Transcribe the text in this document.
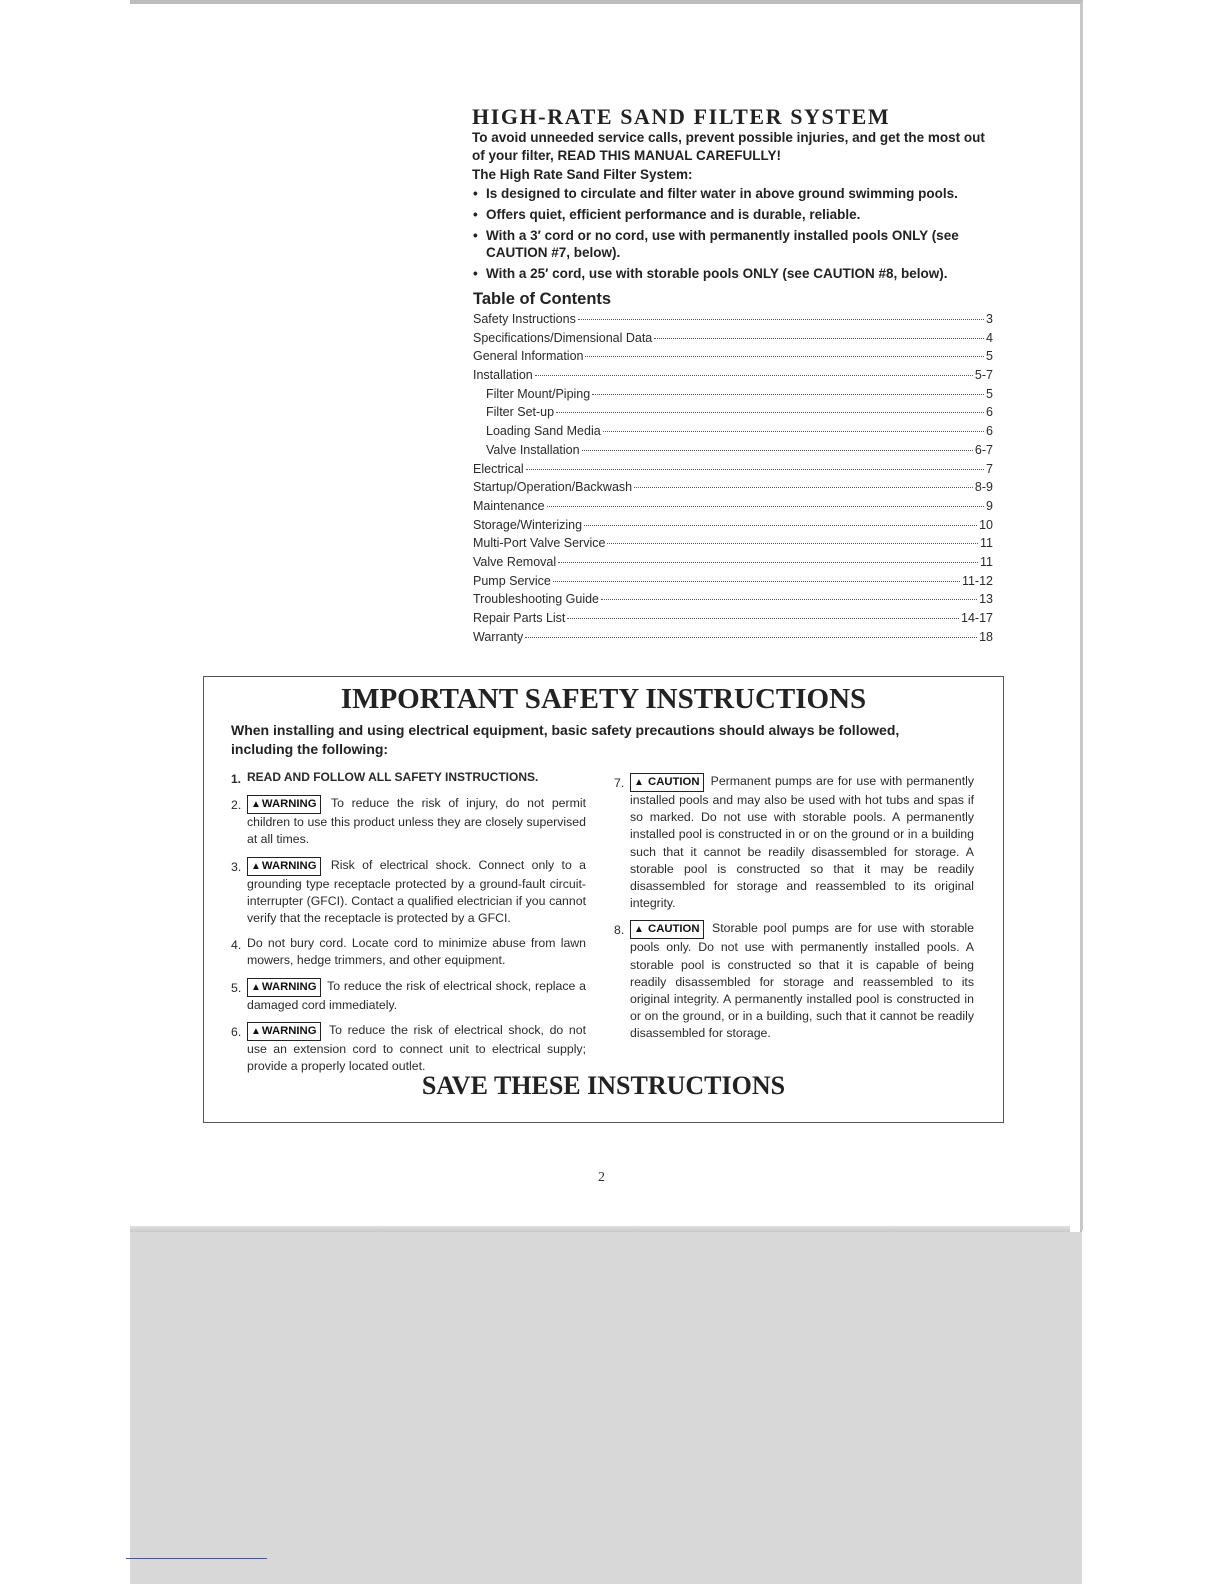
HIGH-RATE SAND FILTER SYSTEM

To avoid unneeded service calls, prevent possible injuries, and get the most out of your filter, READ THIS MANUAL CAREFULLY!

The High Rate Sand Filter System:

• Is designed to circulate and filter water in above ground swimming pools.
• Offers quiet, efficient performance and is durable, reliable.
• With a 3′ cord or no cord, use with permanently installed pools ONLY (see CAUTION #7, below).
• With a 25′ cord, use with storable pools ONLY (see CAUTION #8, below).
Table of Contents
Safety Instructions	3
Specifications/Dimensional Data	4
General Information	5
Installation	5-7
Filter Mount/Piping	5
Filter Set-up	6
Loading Sand Media	6
Valve Installation	6-7
Electrical	7
Startup/Operation/Backwash	8-9
Maintenance	9
Storage/Winterizing	10
Multi-Port Valve Service	11
Valve Removal	11
Pump Service	11-12
Troubleshooting Guide	13
Repair Parts List	14-17
Warranty	18
IMPORTANT SAFETY INSTRUCTIONS

When installing and using electrical equipment, basic safety precautions should always be followed, including the following:

1. READ AND FOLLOW ALL SAFETY INSTRUCTIONS.
2. ▲WARNING To reduce the risk of injury, do not permit children to use this product unless they are closely supervised at all times.
3. ▲WARNING Risk of electrical shock. Connect only to a grounding type receptacle protected by a ground-fault circuit-interrupter (GFCI). Contact a qualified electrician if you cannot verify that the receptacle is protected by a GFCI.
4. Do not bury cord. Locate cord to minimize abuse from lawn mowers, hedge trimmers, and other equipment.
5. ▲WARNING To reduce the risk of electrical shock, replace a damaged cord immediately.
6. ▲WARNING To reduce the risk of electrical shock, do not use an extension cord to connect unit to electrical supply; provide a properly located outlet.
7. ▲ CAUTION Permanent pumps are for use with permanently installed pools and may also be used with hot tubs and spas if so marked. Do not use with storable pools. A permanently installed pool is constructed in or on the ground or in a building such that it cannot be readily disassembled for storage. A storable pool is constructed so that it may be readily disassembled for storage and reassembled to its original integrity.
8. ▲ CAUTION Storable pool pumps are for use with storable pools only. Do not use with permanently installed pools. A storable pool is constructed so that it is capable of being readily disassembled for storage and reassembled to its original integrity. A permanently installed pool is constructed in or on the ground, or in a building, such that it cannot be readily disassembled for storage.
SAVE THESE INSTRUCTIONS

2
